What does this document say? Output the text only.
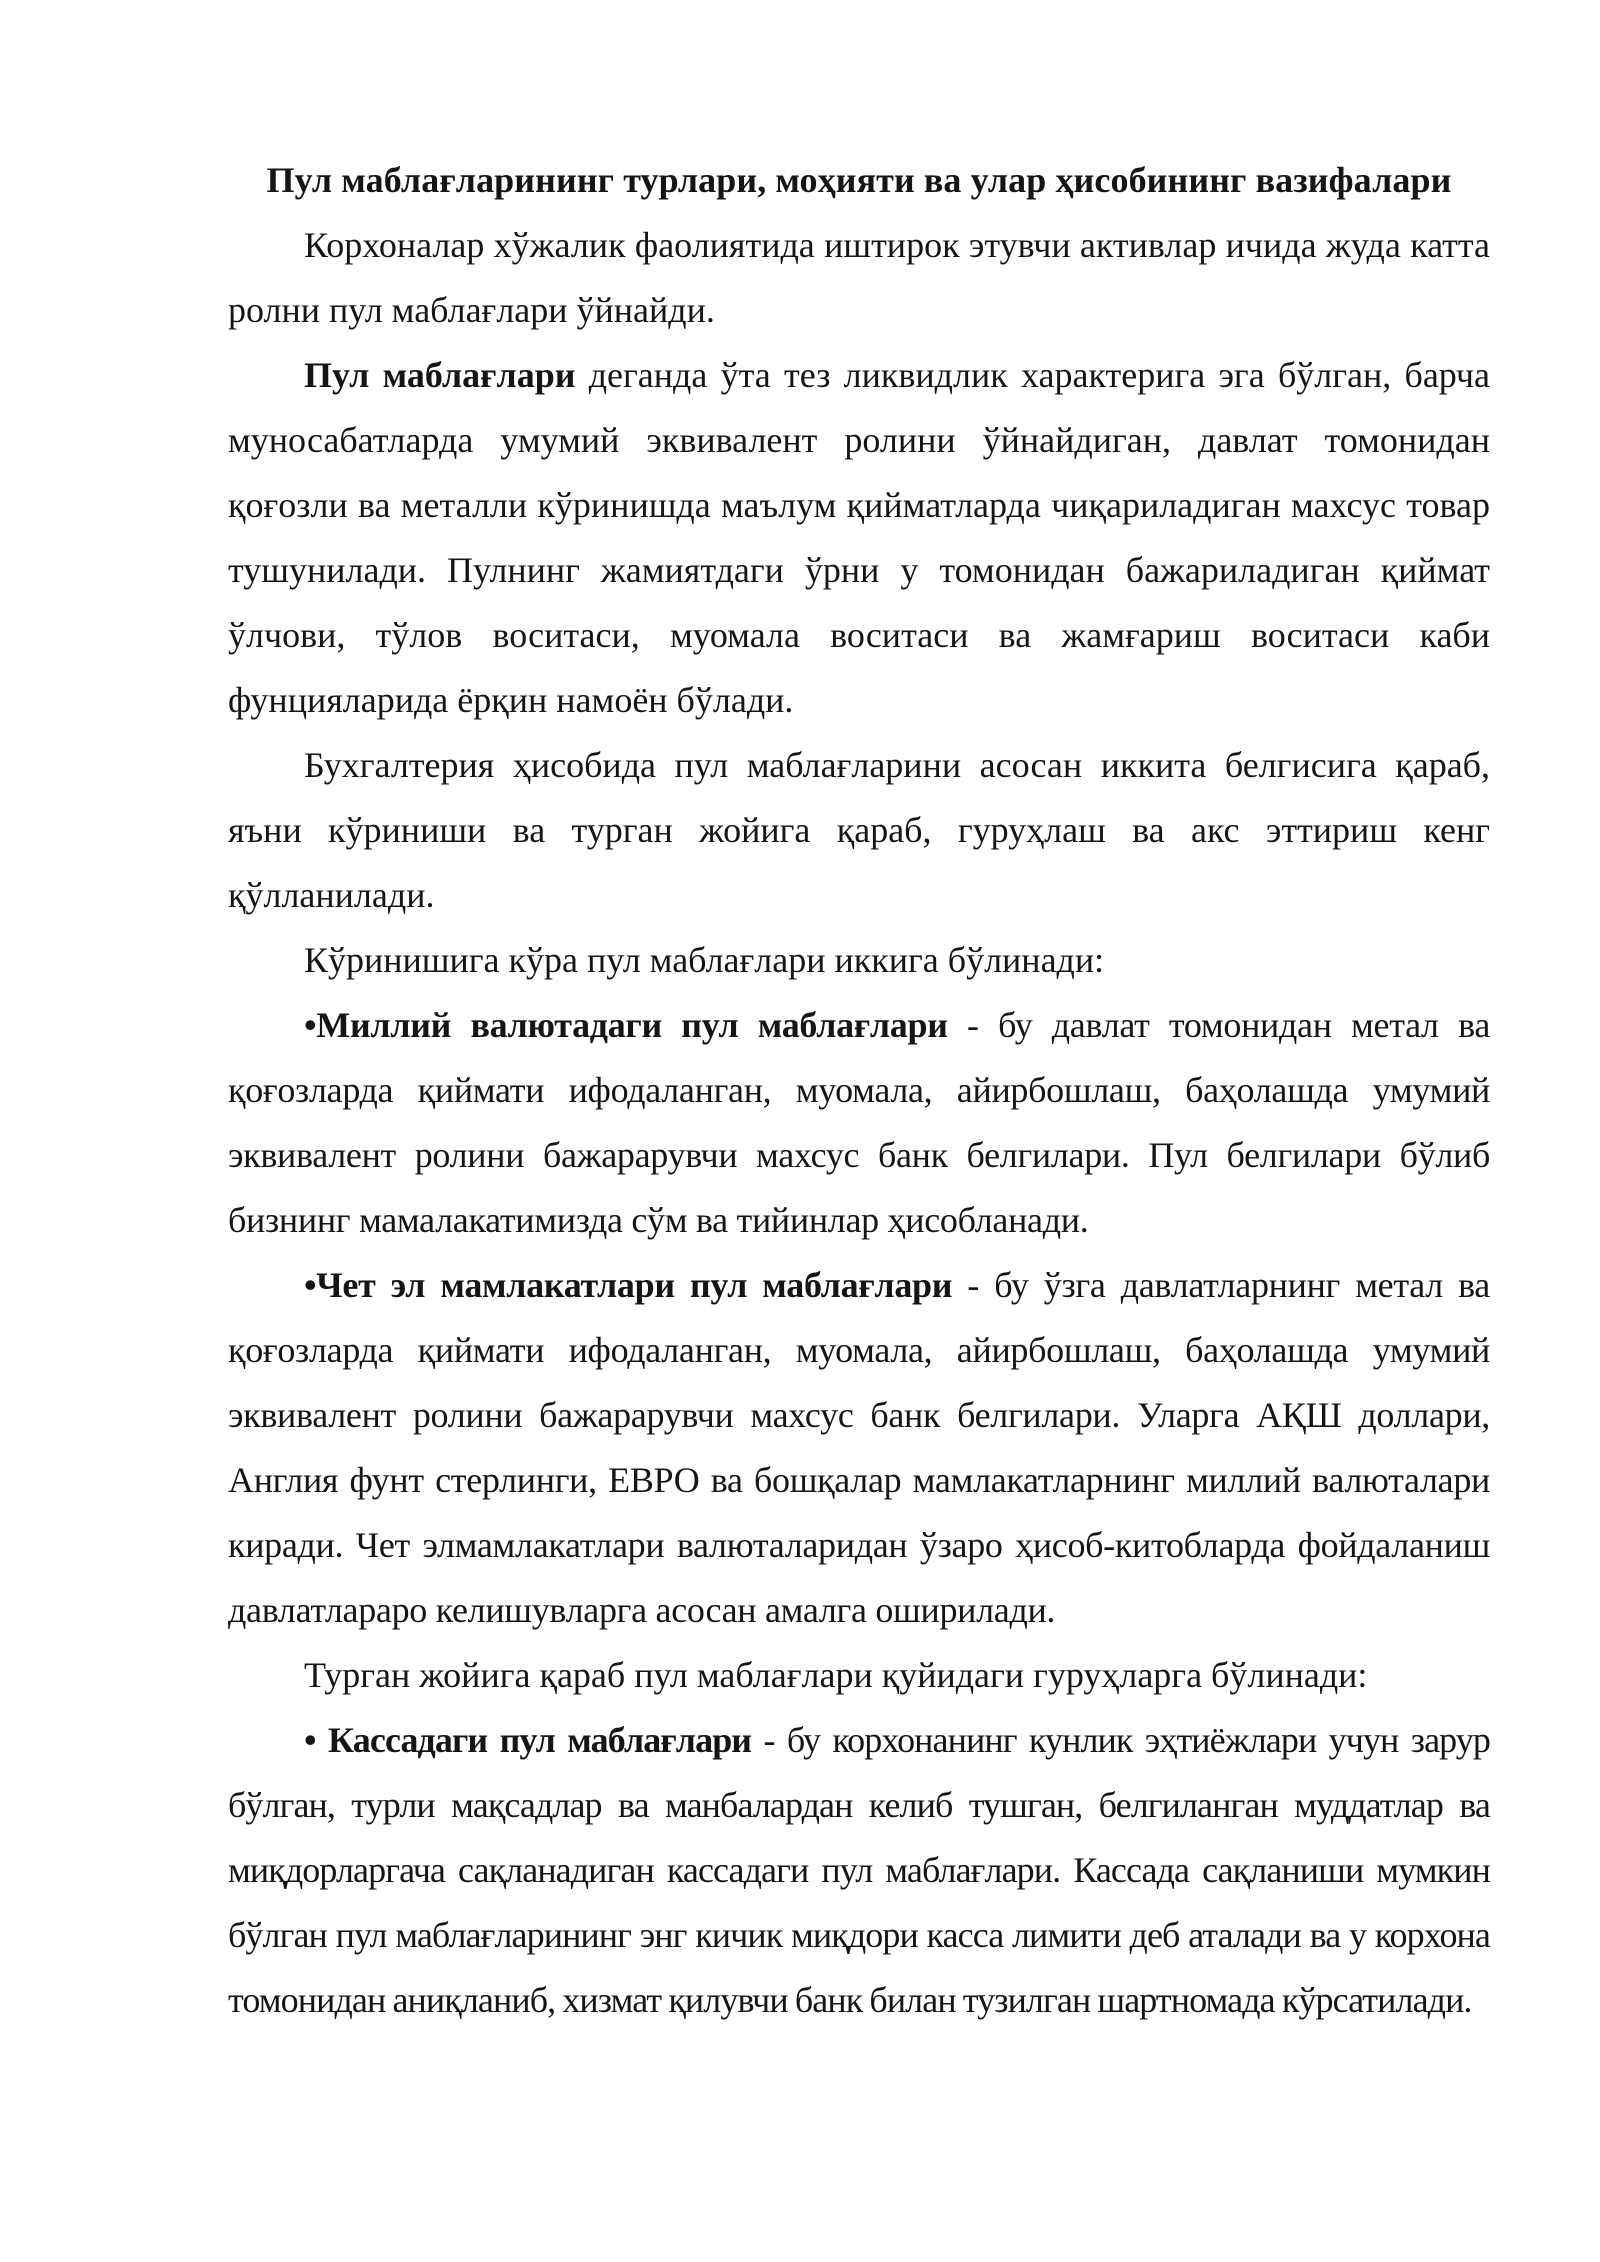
Пул маблағларининг турлари, моҳияти ва улар ҳисобининг вазифалари

Корхоналар хўжалик фаолиятида иштирок этувчи активлар ичида жуда катта ролни пул маблағлари ўйнайди.

Пул маблағлари деганда ўта тез ликвидлик характерига эга бўлган, барча муносабатларда умумий эквивалент ролини ўйнайдиган, давлат томонидан қоғозли ва металли кўринишда маълум қийматларда чиқариладиган махсус товар тушунилади. Пулнинг жамиятдаги ўрни у томонидан бажариладиган қиймат ўлчови, тўлов воситаси, муомала воситаси ва жамғариш воситаси каби фунцияларида ёрқин намоён бўлади.

Бухгалтерия ҳисобида пул маблағларини асосан иккита белгисига қараб, яъни кўриниши ва турган жойига қараб, гуруҳлаш ва акс эттириш кенг қўлланилади.

Кўринишига кўра пул маблағлари иккига бўлинади:

•Миллий валютадаги пул маблағлари - бу давлат томонидан метал ва қоғозларда қиймати ифодаланган, муомала, айирбошлаш, баҳолашда умумий эквивалент ролини бажарарувчи махсус банк белгилари. Пул белгилари бўлиб бизнинг мамалакатимизда сўм ва тийинлар ҳисобланади.

•Чет эл мамлакатлари пул маблағлари - бу ўзга давлатларнинг метал ва қоғозларда қиймати ифодаланган, муомала, айирбошлаш, баҳолашда умумий эквивалент ролини бажарарувчи махсус банк белгилари. Уларга АҚШ доллари, Англия фунт стерлинги, ЕВРО ва бошқалар мамлакатларнинг миллий валюталари киради. Чет элмамлакатлари валюталаридан ўзаро ҳисоб-китобларда фойдаланиш давлатлараро келишувларга асосан амалга оширилади.

Турган жойига қараб пул маблағлари қуйидаги гуруҳларга бўлинади:

• Кассадаги пул маблағлари - бу корхонанинг кунлик эҳтиёжлари учун зарур бўлган, турли мақсадлар ва манбалардан келиб тушган, белгиланган муддатлар ва миқдорларгача сақланадиган кассадаги пул маблағлари. Кассада сақланиши мумкин бўлган пул маблағларининг энг кичик миқдори касса лимити деб аталади ва у корхона томонидан аниқланиб, хизмат қилувчи банк билан тузилган шартномада кўрсатилади.
